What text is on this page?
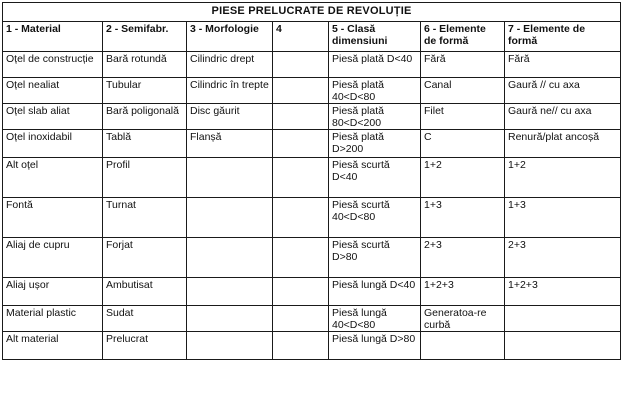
PIESE PRELUCRATE DE REVOLUȚIE						
1 - Material	2 - Semifabr.	3 - Morfologie	4	5 - Clasă dimensiuni	6 - Elemente de formă	7 - Elemente de formă
Oțel de construcție	Bară rotundă	Cilindric drept		Piesă plată D<40	Fără	Fără
Oțel nealiat	Tubular	Cilindric în trepte		Piesă plată 40<D<80	Canal	Gaură // cu axa
Oțel slab aliat	Bară poligonală	Disc găurit		Piesă plată 80<D<200	Filet	Gaură ne// cu axa
Oțel inoxidabil	Tablă	Flanșă		Piesă plată D>200	C	Renură/plat ancoșă
Alt oțel	Profil			Piesă scurtă D<40	1+2	1+2
Fontă	Turnat			Piesă scurtă 40<D<80	1+3	1+3
Aliaj de cupru	Forjat			Piesă scurtă D>80	2+3	2+3
Aliaj ușor	Ambutisat			Piesă lungă D<40	1+2+3	1+2+3
Material plastic	Sudat			Piesă lungă 40<D<80	Generatoa-re curbă	
Alt material	Prelucrat			Piesă lungă D>80		
